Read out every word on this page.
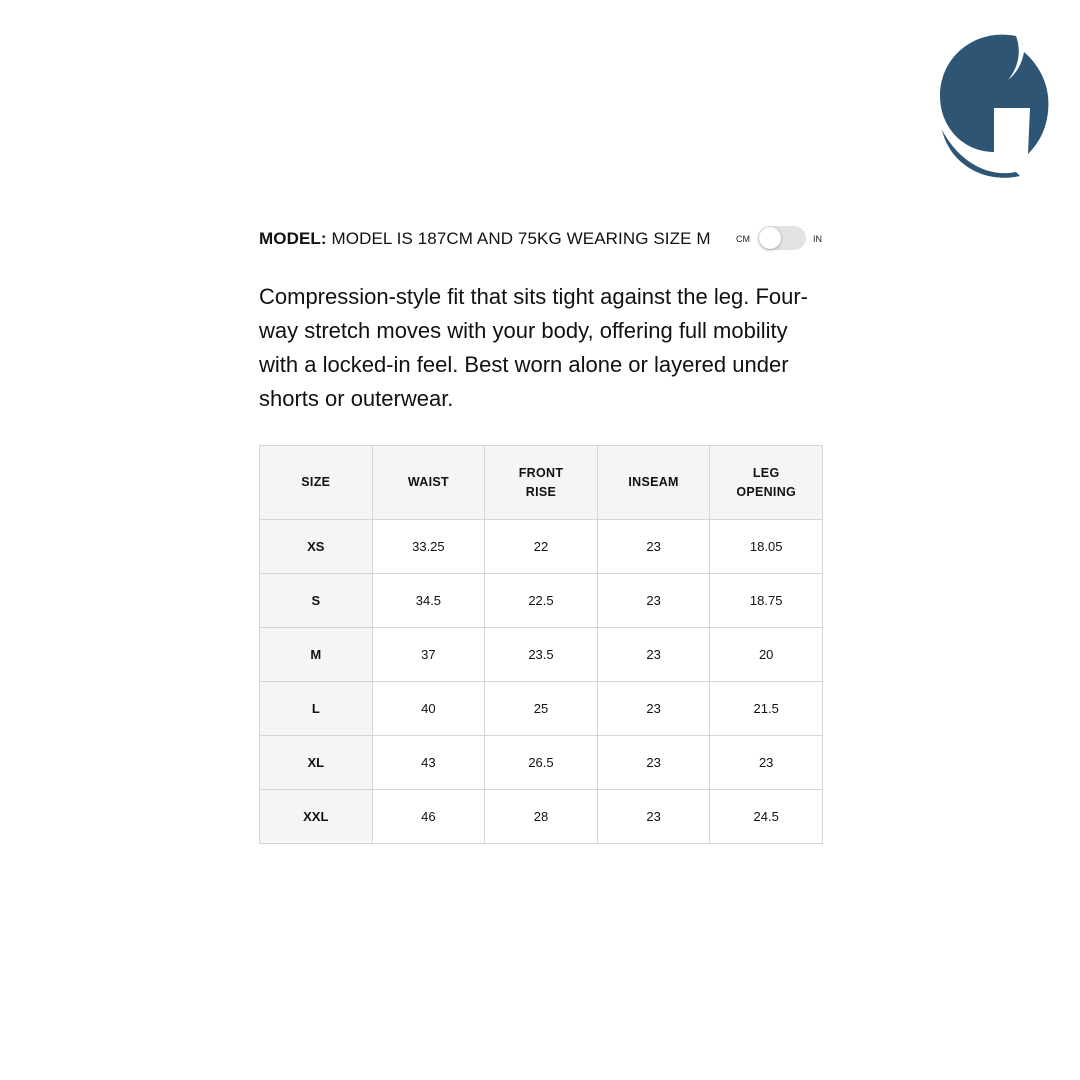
MODEL: MODEL IS 187CM AND 75KG WEARING SIZE M	CM	IN

Compression-style fit that sits tight against the leg. Four-way stretch moves with your body, offering full mobility with a locked-in feel. Best worn alone or layered under shorts or outerwear.

SIZE	WAIST	FRONT RISE	INSEAM	LEG OPENING
XS	33.25	22	23	18.05
S	34.5	22.5	23	18.75
M	37	23.5	23	20
L	40	25	23	21.5
XL	43	26.5	23	23
XXL	46	28	23	24.5
